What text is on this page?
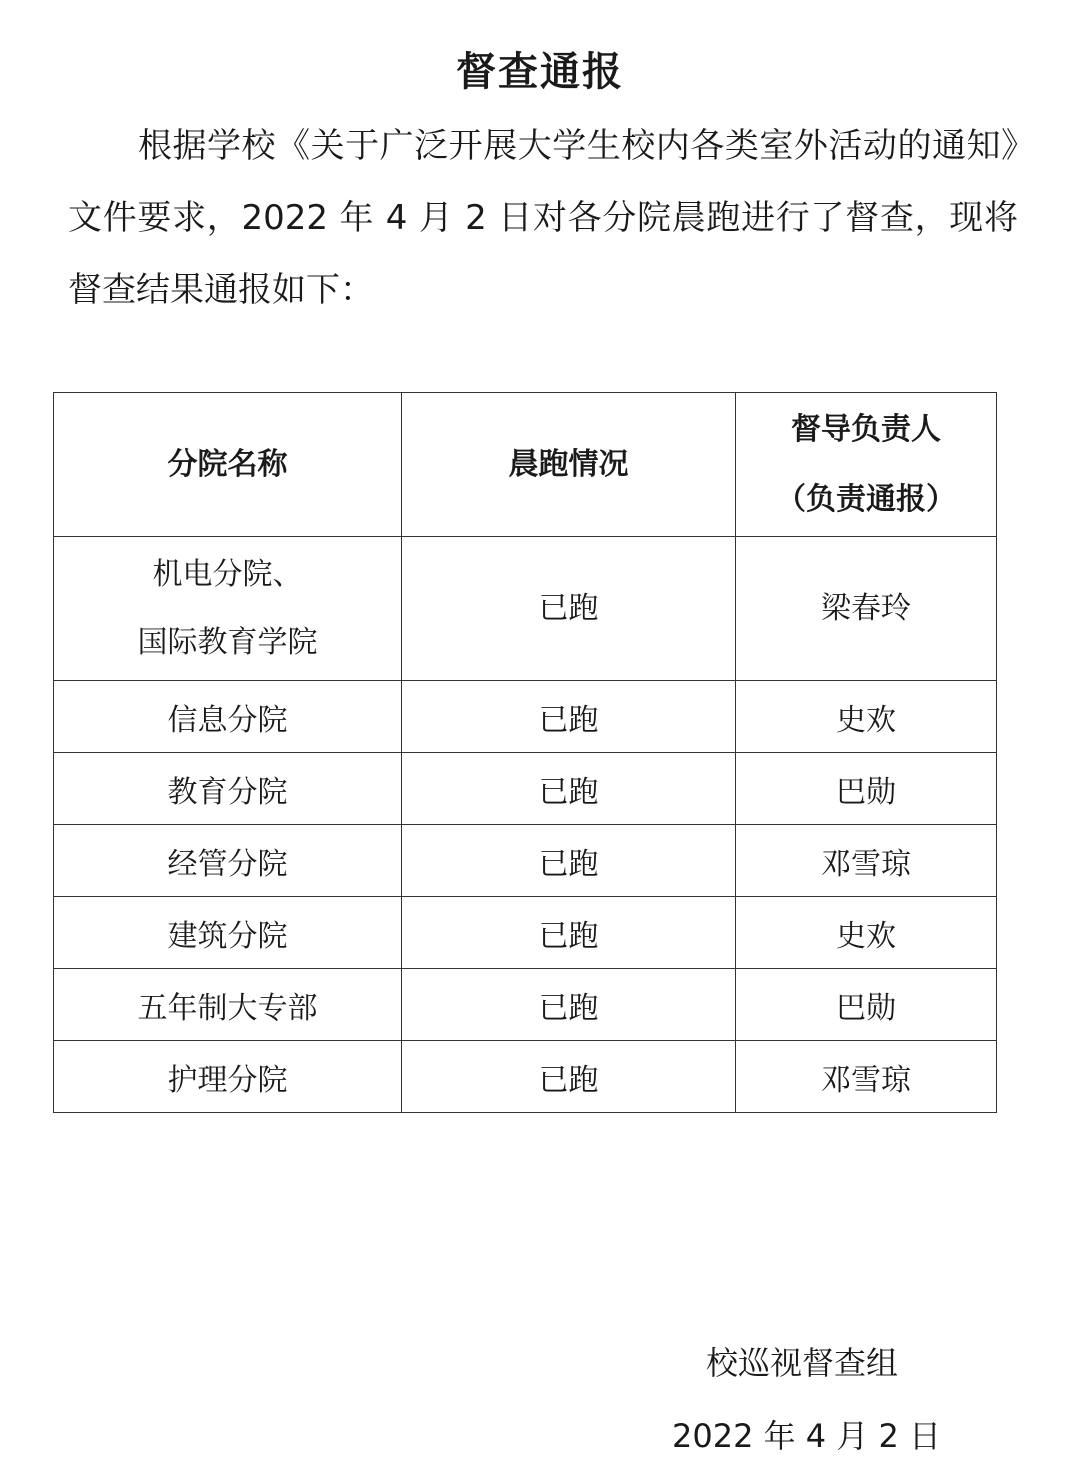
督查通报

根据学校《关于广泛开展大学生校内各类室外活动的通知》文件要求，2022 年 4 月 2 日对各分院晨跑进行了督查，现将督查结果通报如下：

分院名称	晨跑情况	督导负责人
（负责通报）

机电分院、
国际教育学院	已跑	梁春玲
信息分院	已跑	史欢
教育分院	已跑	巴勋
经管分院	已跑	邓雪琼
建筑分院	已跑	史欢
五年制大专部	已跑	巴勋
护理分院	已跑	邓雪琼
校巡视督查组
2022 年 4 月 2 日
